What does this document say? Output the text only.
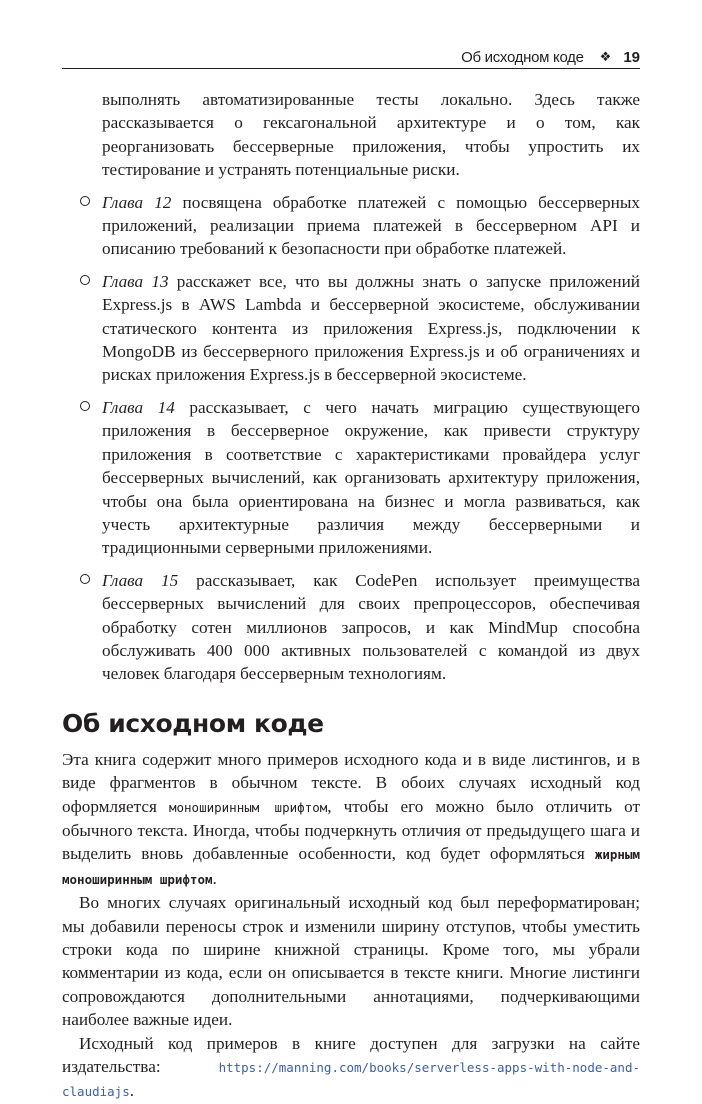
Об исходном коде ❖ 19

выполнять автоматизированные тесты локально. Здесь также рассказывается о гексагональной архитектуре и о том, как реорганизовать бессерверные приложения, чтобы упростить их тестирование и устранять потенциальные риски.

Глава 12 посвящена обработке платежей с помощью бессерверных приложений, реализации приема платежей в бессерверном API и описанию требований к безопасности при обработке платежей.
Глава 13 расскажет все, что вы должны знать о запуске приложений Express.js в AWS Lambda и бессерверной экосистеме, обслуживании статического контента из приложения Express.js, подключении к MongoDB из бессерверного приложения Express.js и об ограничениях и рисках приложения Express.js в бессерверной экосистеме.
Глава 14 рассказывает, с чего начать миграцию существующего приложения в бессерверное окружение, как привести структуру приложения в соответствие с характеристиками провайдера услуг бессерверных вычислений, как организовать архитектуру приложения, чтобы она была ориентирована на бизнес и могла развиваться, как учесть архитектурные различия между бессерверными и традиционными серверными приложениями.
Глава 15 рассказывает, как CodePen использует преимущества бессерверных вычислений для своих препроцессоров, обеспечивая обработку сотен миллионов запросов, и как MindMup способна обслуживать 400 000 активных пользователей с командой из двух человек благодаря бессерверным технологиям.
Об исходном коде

Эта книга содержит много примеров исходного кода и в виде листингов, и в виде фрагментов в обычном тексте. В обоих случаях исходный код оформляется моноширинным шрифтом, чтобы его можно было отличить от обычного текста. Иногда, чтобы подчеркнуть отличия от предыдущего шага и выделить вновь добавленные особенности, код будет оформляться жирным моноширинным шрифтом.

Во многих случаях оригинальный исходный код был переформатирован; мы добавили переносы строк и изменили ширину отступов, чтобы уместить строки кода по ширине книжной страницы. Кроме того, мы убрали комментарии из кода, если он описывается в тексте книги. Многие листинги сопровождаются дополнительными аннотациями, подчеркивающими наиболее важные идеи.

Исходный код примеров в книге доступен для загрузки на сайте издательства: https://manning.com/books/serverless-apps-with-node-and-claudiajs.
